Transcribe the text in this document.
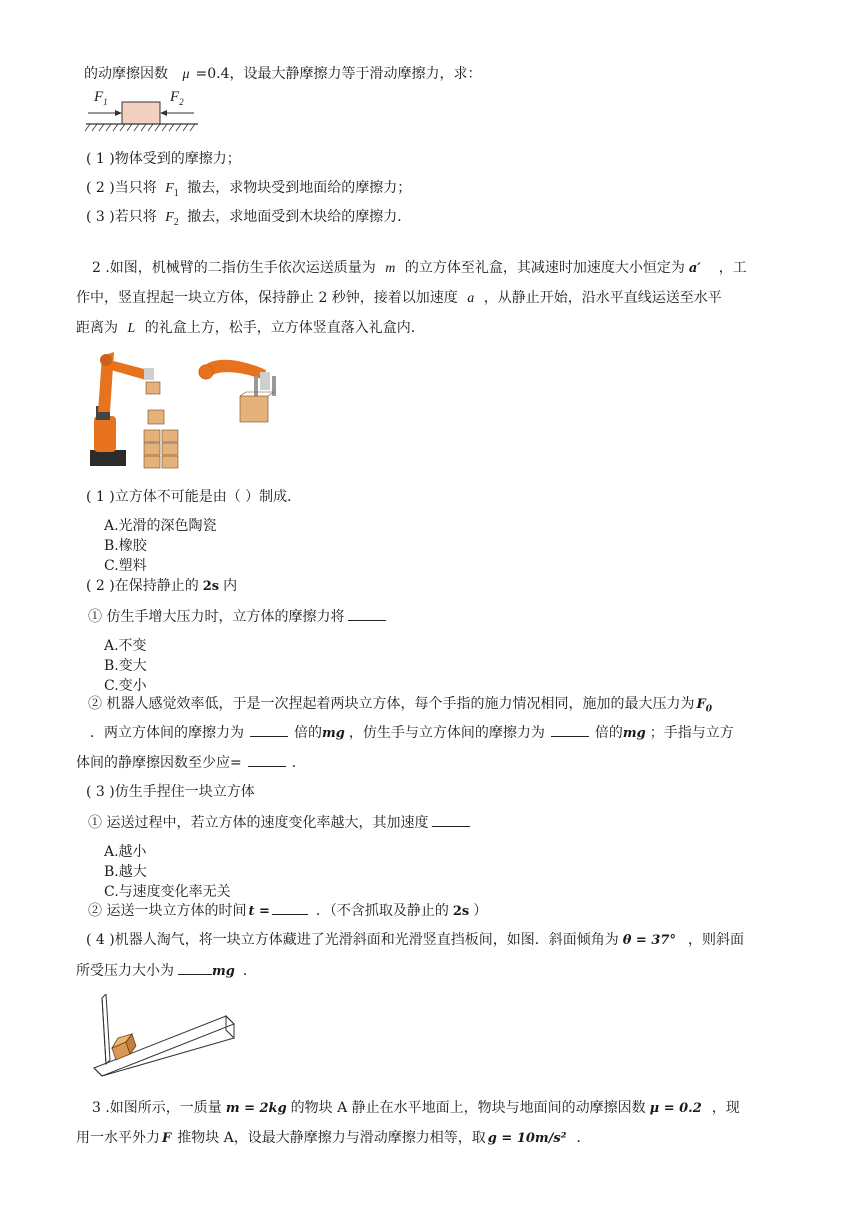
的动摩擦因数 μ =0.4，设最大静摩擦力等于滑动摩擦力，求：
$F_1$	$F_2$
( 1 )物体受到的摩擦力；
( 2 )当只将 $F_1$ 撤去，求物块受到地面给的摩擦力；
( 3 )若只将 $F_2$ 撤去，求地面受到木块给的摩擦力．
2 .如图，机械臂的二指仿生手依次运送质量为 m 的立方体至礼盒，其减速时加速度大小恒定为 a′ ，工
作中，竖直捏起一块立方体，保持静止 2 秒钟，接着以加速度 a ，从静止开始，沿水平直线运送至水平
距离为 L 的礼盒上方，松手，立方体竖直落入礼盒内．
( 1 )立方体不可能是由（ ）制成．
A.光滑的深色陶瓷
B.橡胶
C.塑料
( 2 )在保持静止的 2s 内
① 仿生手增大压力时，立方体的摩擦力将
A.不变
B.变大
C.变小
② 机器人感觉效率低，于是一次捏起着两块立方体，每个手指的施力情况相同，施加的最大压力为 $F_0$
．两立方体间的摩擦力为	倍的mg ，仿生手与立方体间的摩擦力为	倍的mg ；手指与立方
体间的静摩擦因数至少应=	．
( 3 )仿生手捏住一块立方体
① 运送过程中，若立方体的速度变化率越大，其加速度
A.越小
B.越大
C.与速度变化率无关
② 运送一块立方体的时间 t =	．（不含抓取及静止的 2s ）
( 4 )机器人淘气，将一块立方体藏进了光滑斜面和光滑竖直挡板间，如图．斜面倾角为 θ = 37° ，则斜面
所受压力大小为	mg ．
3 .如图所示，一质量 m = 2kg 的物块 A 静止在水平地面上，物块与地面间的动摩擦因数 μ = 0.2 ，现
用一水平外力 F 推物块 A，设最大静摩擦力与滑动摩擦力相等，取 g = 10m/s² ．
